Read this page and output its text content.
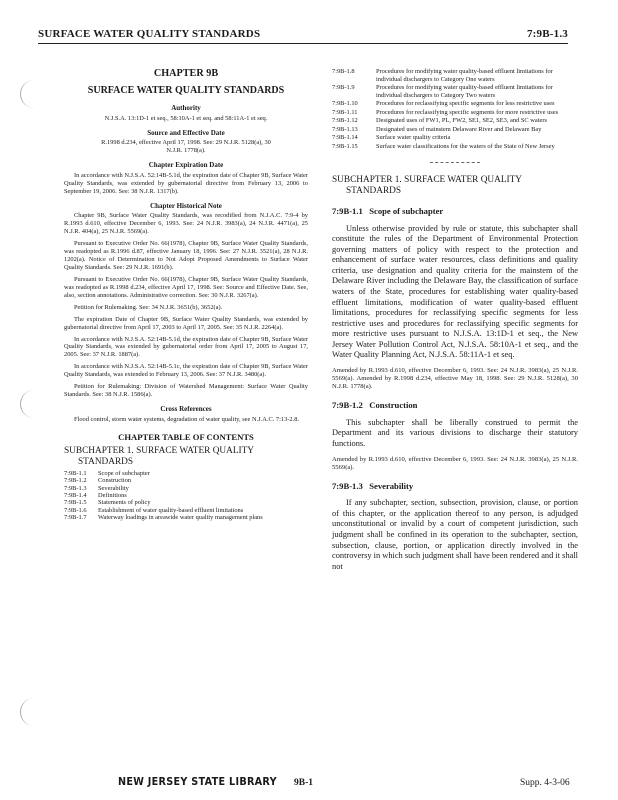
SURFACE WATER QUALITY STANDARDS	7:9B-1.3
CHAPTER 9B
SURFACE WATER QUALITY STANDARDS
Authority

N.J.S.A. 13:1D-1 et seq., 58:10A-1 et seq. and 58:11A-1 et seq.

Source and Effective Date

R.1998 d.234, effective April 17, 1998. See: 29 N.J.R. 5128(a), 30 N.J.R. 1778(a).

Chapter Expiration Date

In accordance with N.J.S.A. 52:14B-5.1d, the expiration date of Chapter 9B, Surface Water Quality Standards, was extended by gubernatorial directive from February 13, 2006 to September 19, 2006. See: 38 N.J.R. 1317(b).

Chapter Historical Note

Chapter 9B, Surface Water Quality Standards, was recodified from N.J.A.C. 7:9-4 by R.1993 d.610, effective December 6, 1993. See: 24 N.J.R. 3983(a), 24 N.J.R. 4471(a), 25 N.J.R. 404(a), 25 N.J.R. 5569(a).

Pursuant to Executive Order No. 66(1978), Chapter 9B, Surface Water Quality Standards, was readopted as R.1996 d.87, effective January 18, 1996. See: 27 N.J.R. 3521(a), 28 N.J.R. 1202(a). Notice of Determination to Not Adopt Proposed Amendments to Surface Water Quality Standards. See: 29 N.J.R. 1691(b).

Pursuant to Executive Order No. 66(1978), Chapter 9B, Surface Water Quality Standards, was readopted as R.1998 d.234, effective April 17, 1998. See: Source and Effective Date. See, also, section annotations. Administrative correction. See: 30 N.J.R. 3267(a).

Petition for Rulemaking. See: 34 N.J.R. 3651(b), 3652(a).

The expiration Date of Chapter 9B, Surface Water Quality Standards, was extended by gubernatorial directive from April 17, 2003 to April 17, 2005. See: 35 N.J.R. 2264(a).

In accordance with N.J.S.A. 52:14B-5.1d, the expiration date of Chapter 9B, Surface Water Quality Standards, was extended by gubernatorial order from April 17, 2005 to August 17, 2005. See: 37 N.J.R. 1887(a).

In accordance with N.J.S.A. 52:14B-5.1c, the expiration date of Chapter 9B, Surface Water Quality Standards, was extended to February 13, 2006. See: 37 N.J.R. 3480(a).

Petition for Rulemaking: Division of Watershed Management: Surface Water Quality Standards. See: 38 N.J.R. 1586(a).

Cross References

Flood control, storm water systems, degradation of water quality, see N.J.A.C. 7:13-2.8.

CHAPTER TABLE OF CONTENTS
SUBCHAPTER 1. SURFACE WATER QUALITY
STANDARDS
7:9B-1.1	Scope of subchapter
7:9B-1.2	Construction
7:9B-1.3	Severability
7:9B-1.4	Definitions
7:9B-1.5	Statements of policy
7:9B-1.6	Establishment of water quality-based effluent limitations
7:9B-1.7	Waterway loadings in areawide water quality management plans
7:9B-1.8	Procedures for modifying water quality-based effluent limitations for individual dischargers to Category One waters
7:9B-1.9	Procedures for modifying water quality-based effluent limitations for individual dischargers to Category Two waters
7:9B-1.10	Procedures for reclassifying specific segments for less restrictive uses
7:9B-1.11	Procedures for reclassifying specific segments for more restrictive uses
7:9B-1.12	Designated uses of FW1, PL, FW2, SE1, SE2, SE3, and SC waters
7:9B-1.13	Designated uses of mainstem Delaware River and Delaware Bay
7:9B-1.14	Surface water quality criteria
7:9B-1.15	Surface water classifications for the waters of the State of New Jersey
SUBCHAPTER 1. SURFACE WATER QUALITY
STANDARDS
7:9B-1.1   Scope of subchapter

Unless otherwise provided by rule or statute, this subchapter shall constitute the rules of the Department of Environmental Protection governing matters of policy with respect to the protection and enhancement of surface water resources, class definitions and quality criteria, use designation and quality criteria for the mainstem of the Delaware River including the Delaware Bay, the classification of surface waters of the State, procedures for establishing water quality-based effluent limitations, modification of water quality-based effluent limitations, procedures for reclassifying specific segments for less restrictive uses and procedures for reclassifying specific segments for more restrictive uses pursuant to N.J.S.A. 13:1D-1 et seq., the New Jersey Water Pollution Control Act, N.J.S.A. 58:10A-1 et seq., and the Water Quality Planning Act, N.J.S.A. 58:11A-1 et seq.

Amended by R.1993 d.610, effective December 6, 1993. See: 24 N.J.R. 3983(a), 25 N.J.R. 5569(a). Amended by R.1998 d.234, effective May 18, 1998. See: 29 N.J.R. 5128(a), 30 N.J.R. 1778(a).

7:9B-1.2   Construction

This subchapter shall be liberally construed to permit the Department and its various divisions to discharge their statutory functions.

Amended by R.1993 d.610, effective December 6, 1993. See: 24 N.J.R. 3983(a), 25 N.J.R. 5569(a).

7:9B-1.3   Severability

If any subchapter, section, subsection, provision, clause, or portion of this chapter, or the application thereof to any person, is adjudged unconstitutional or invalid by a court of competent jurisdiction, such judgment shall be confined in its operation to the subchapter, section, subsection, clause, portion, or application directly involved in the controversy in which such judgment shall have been rendered and it shall not

NEW JERSEY STATE LIBRARY 9B-1	Supp. 4-3-06
